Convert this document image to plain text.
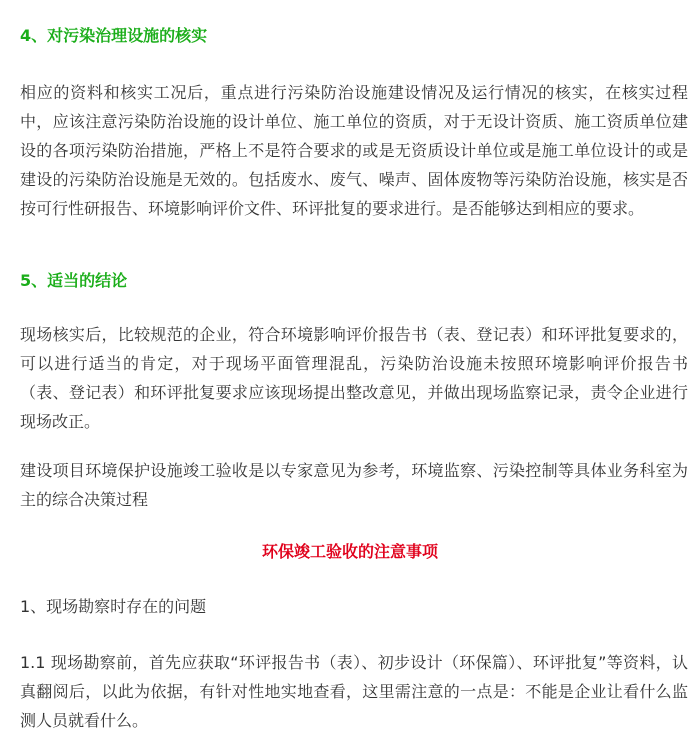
4、对污染治理设施的核实

相应的资料和核实工况后，重点进行污染防治设施建设情况及运行情况的核实，在核实过程中，应该注意污染防治设施的设计单位、施工单位的资质，对于无设计资质、施工资质单位建设的各项污染防治措施，严格上不是符合要求的或是无资质设计单位或是施工单位设计的或是建设的污染防治设施是无效的。包括废水、废气、噪声、固体废物等污染防治设施，核实是否按可行性研报告、环境影响评价文件、环评批复的要求进行。是否能够达到相应的要求。

5、适当的结论

现场核实后，比较规范的企业，符合环境影响评价报告书（表、登记表）和环评批复要求的，可以进行适当的肯定，对于现场平面管理混乱，污染防治设施未按照环境影响评价报告书（表、登记表）和环评批复要求应该现场提出整改意见，并做出现场监察记录，责令企业进行现场改正。

建设项目环境保护设施竣工验收是以专家意见为参考，环境监察、污染控制等具体业务科室为主的综合决策过程

环保竣工验收的注意事项

1、现场勘察时存在的问题

1.1 现场勘察前，首先应获取“环评报告书（表）、初步设计（环保篇）、环评批复”等资料，认真翻阅后，以此为依据，有针对性地实地查看，这里需注意的一点是：不能是企业让看什么监测人员就看什么。
